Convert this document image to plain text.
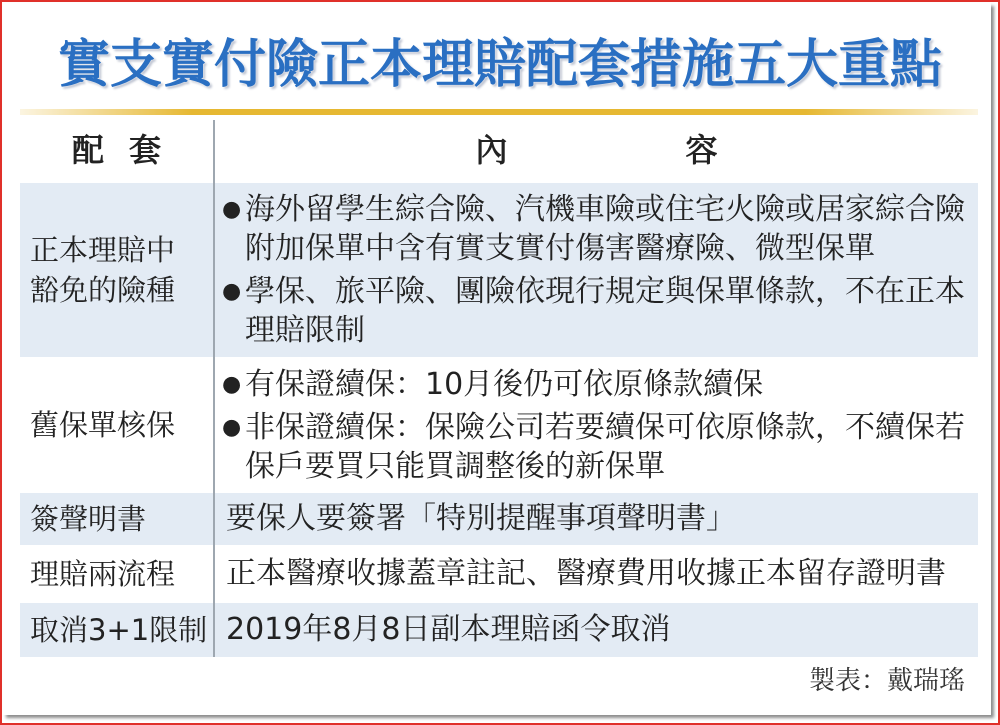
實支實付險正本理賠配套措施五大重點
配套	內容
正本理賠中
豁免的險種
● 海外留學生綜合險、汽機車險或住宅火險或居家綜合險
附加保單中含有實支實付傷害醫療險、微型保單
● 學保、旅平險、團險依現行規定與保單條款，不在正本
理賠限制
舊保單核保
● 有保證續保：10月後仍可依原條款續保
● 非保證續保：保險公司若要續保可依原條款，不續保若
保戶要買只能買調整後的新保單
簽聲明書	要保人要簽署「特別提醒事項聲明書」
理賠兩流程 正本醫療收據蓋章註記、醫療費用收據正本留存證明書
取消3+1限制 2019年8月8日副本理賠函令取消
製表：戴瑞瑤
